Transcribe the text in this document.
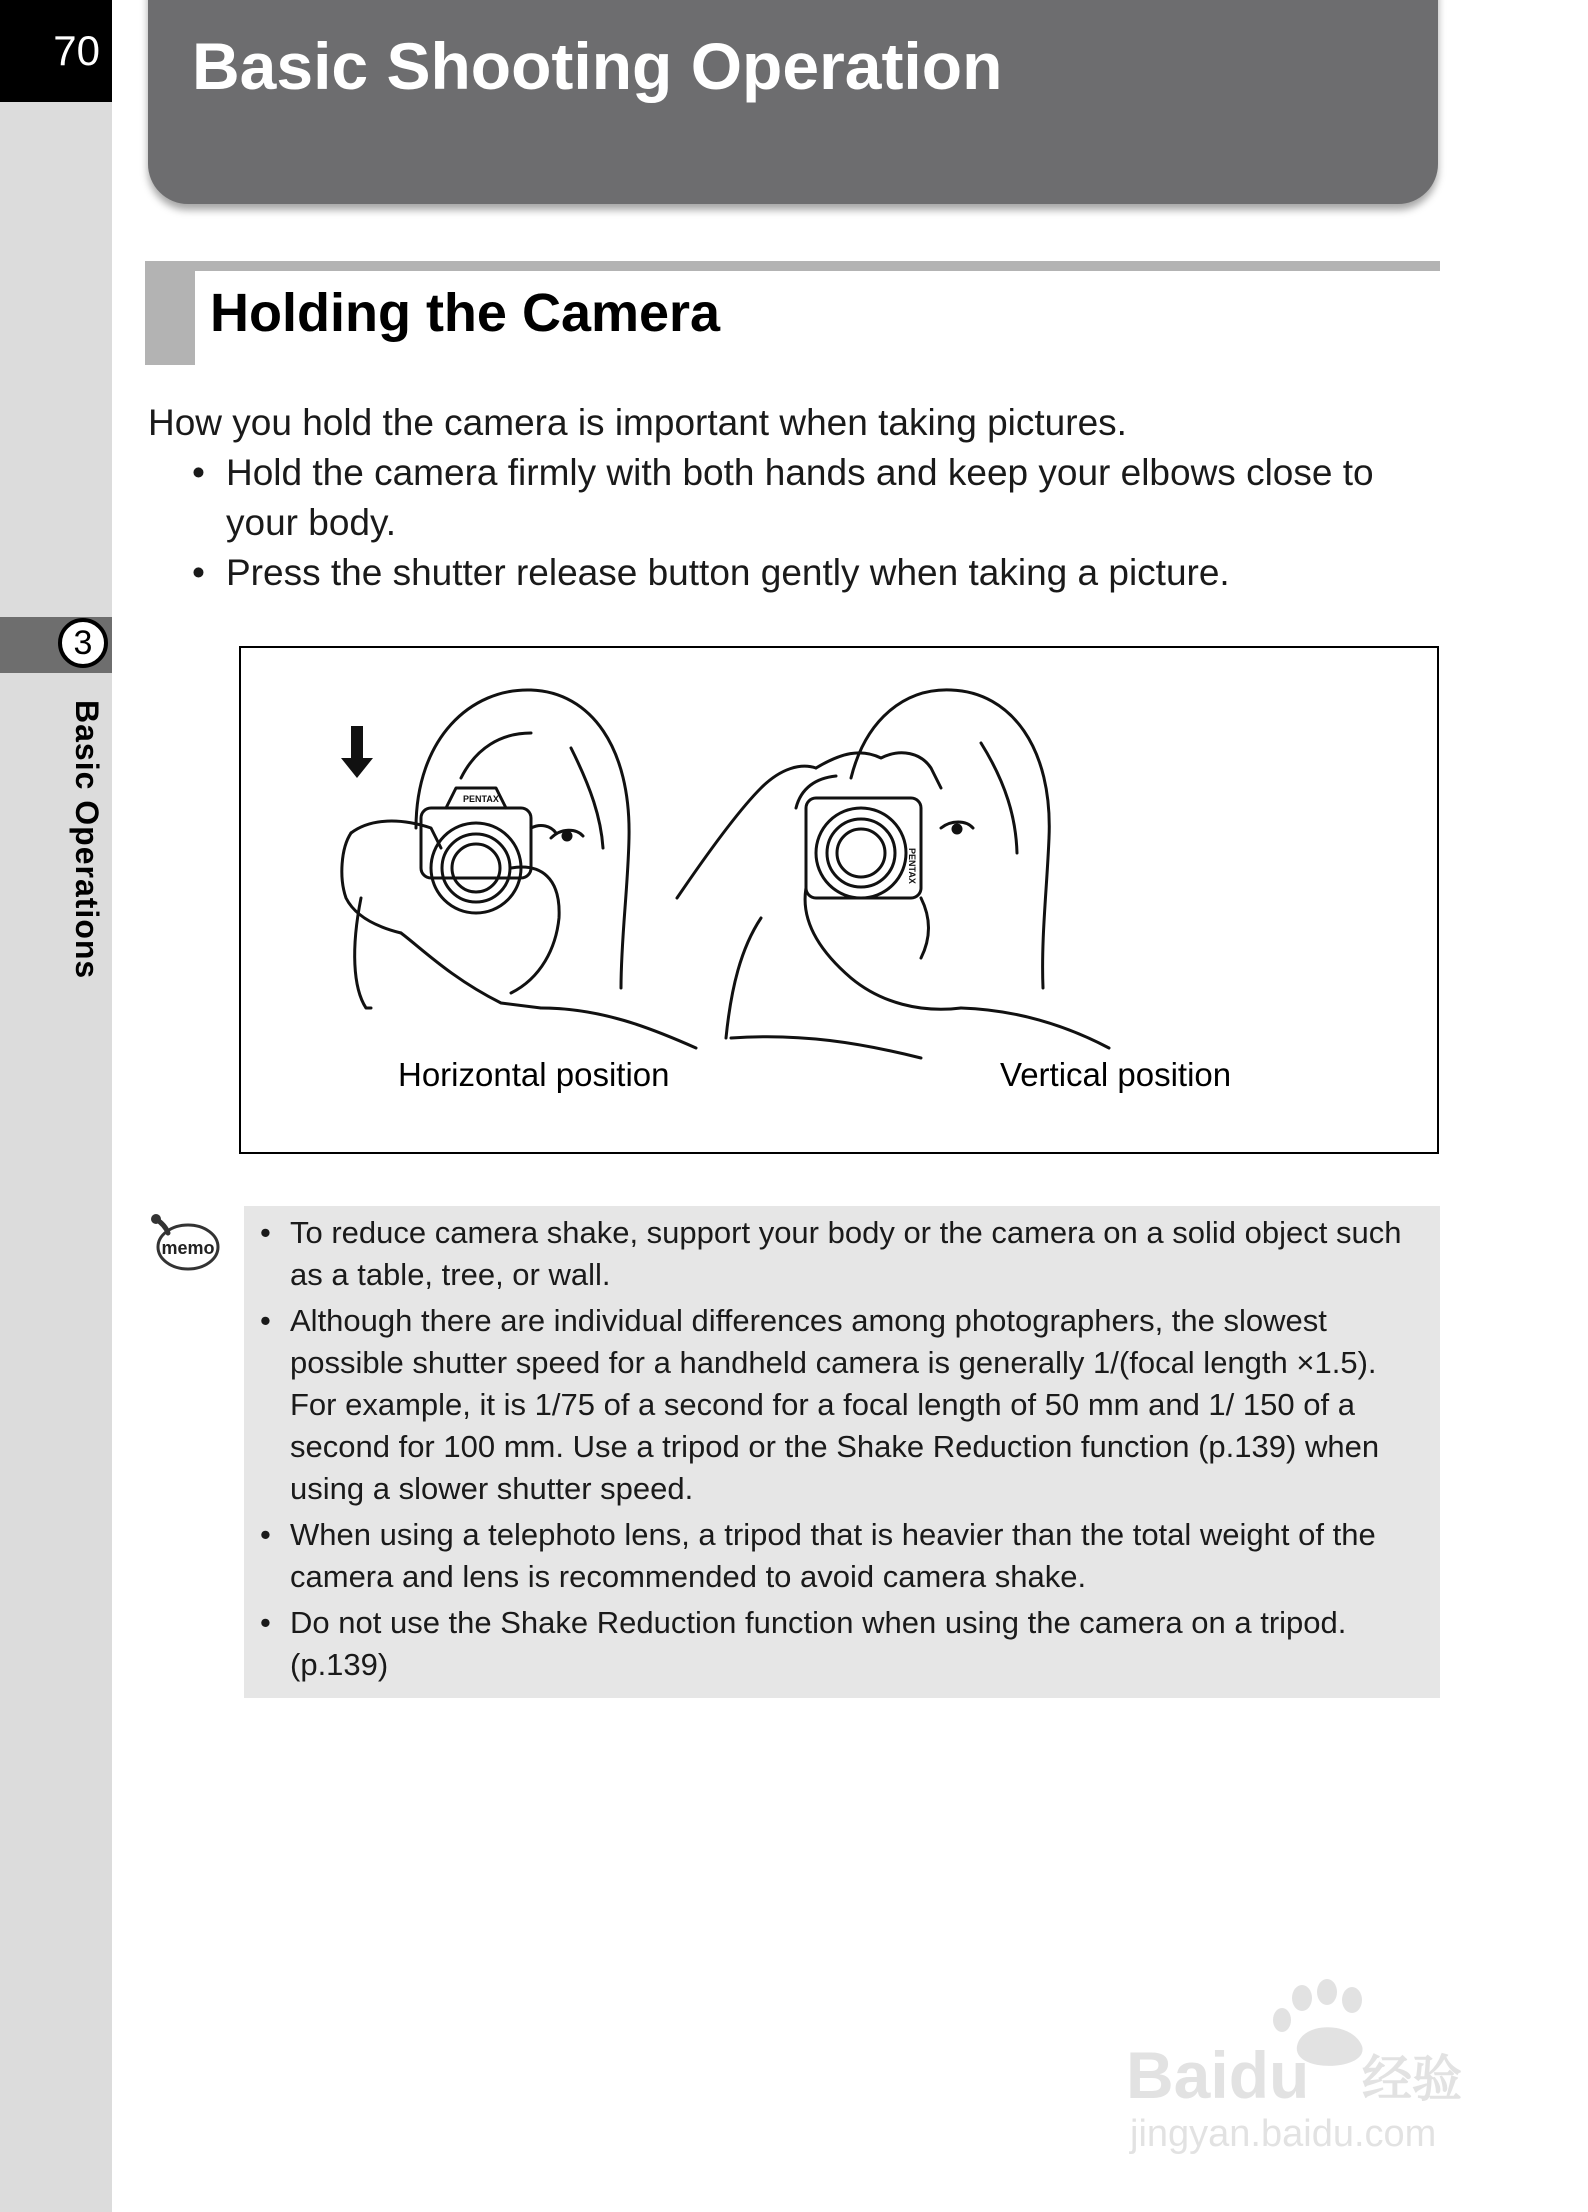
70
3
Basic Operations
Basic Shooting Operation
Holding the Camera

How you hold the camera is important when taking pictures.

• Hold the camera firmly with both hands and keep your elbows close to your body.
• Press the shutter release button gently when taking a picture.
PENTAX
PENTAX
Horizontal position	Vertical position
memo
•	To reduce camera shake, support your body or the camera on a solid object such as a table, tree, or wall.
• Although there are individual differences among photographers, the slowest possible shutter speed for a handheld camera is generally 1/(focal length ×1.5). For example, it is 1/75 of a second for a focal length of 50 mm and 1/ 150 of a second for 100 mm. Use a tripod or the Shake Reduction function (p.139) when using a slower shutter speed.
• When using a telephoto lens, a tripod that is heavier than the total weight of the camera and lens is recommended to avoid camera shake.
• Do not use the Shake Reduction function when using the camera on a tripod. (p.139)
Baidu 经验
jingyan.baidu.com
